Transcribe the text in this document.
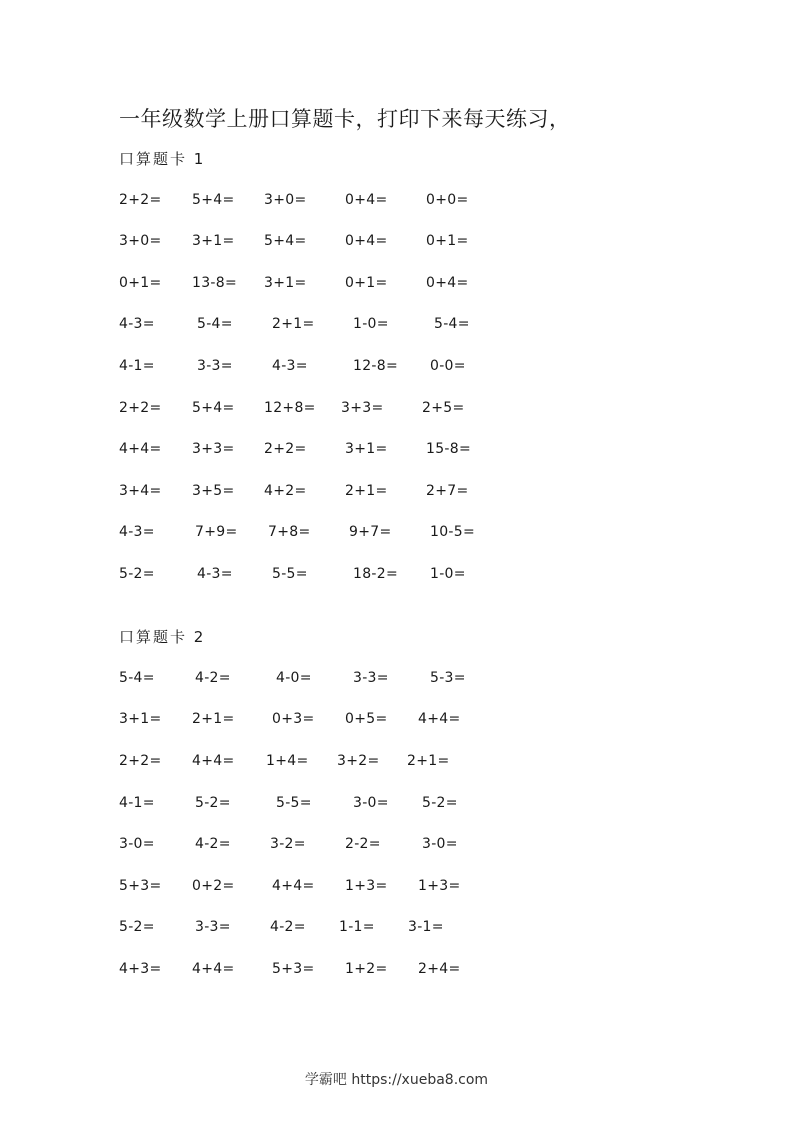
一年级数学上册口算题卡，打印下来每天练习，
口算题卡 1
2+2= 5+4= 3+0=	0+4=	0+0=
3+0= 3+1= 5+4=	0+4=	0+1=
0+1= 13-8= 3+1=	0+1=	0+4=
4-3=	5-4=	2+1=	1-0=	5-4=
4-1=	3-3=	4-3=	12-8= 0-0=
2+2= 5+4= 12+8= 3+3=	2+5=
4+4= 3+3= 2+2=	3+1=	15-8=
3+4= 3+5= 4+2=	2+1=	2+7=
4-3=	7+9= 7+8=	9+7=	10-5=
5-2=	4-3=	5-5=	18-2= 1-0=
口算题卡 2
5-4=	4-2=	4-0=	3-3=	5-3=
3+1= 2+1=	0+3= 0+5= 4+4=
2+2= 4+4= 1+4= 3+2= 2+1=
4-1=	5-2=	5-5=	3-0= 5-2=
3-0=	4-2=	3-2=	2-2=	3-0=
5+3= 0+2=	4+4= 1+3= 1+3=
5-2=	3-3=	4-2= 1-1= 3-1=
4+3= 4+4=	5+3= 1+2= 2+4=
学霸吧 https://xueba8.com
